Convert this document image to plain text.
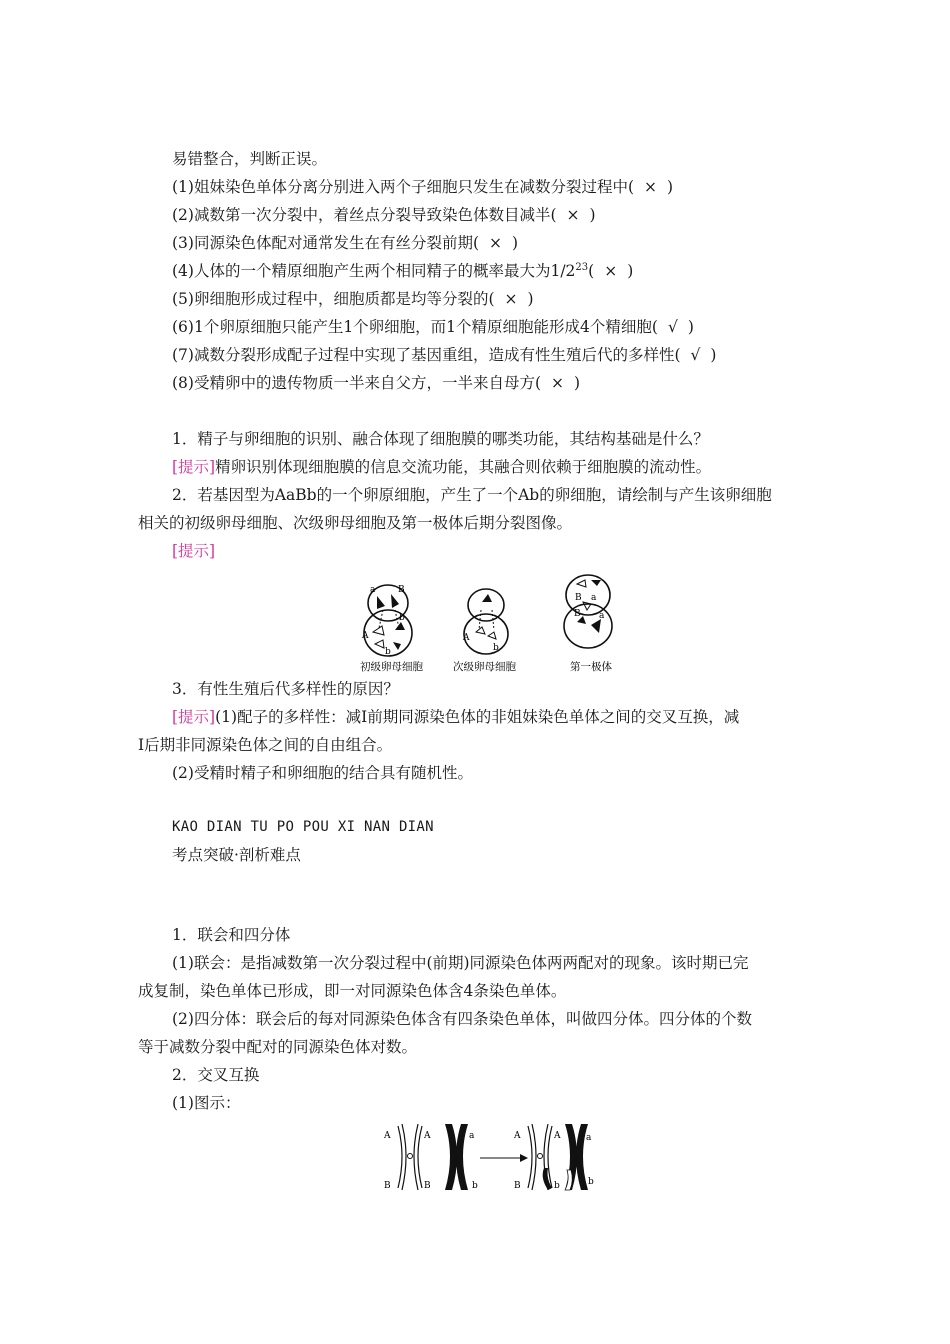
易错整合，判断正误。
(1)姐妹染色单体分离分别进入两个子细胞只发生在减数分裂过程中( × )
(2)减数第一次分裂中，着丝点分裂导致染色体数目减半( × )
(3)同源染色体配对通常发生在有丝分裂前期( × )
(4)人体的一个精原细胞产生两个相同精子的概率最大为$1/2^{23}$( × )
(5)卵细胞形成过程中，细胞质都是均等分裂的( × )
(6)1个卵原细胞只能产生1个卵细胞，而1个精原细胞能形成4个精细胞( √ )
(7)减数分裂形成配子过程中实现了基因重组，造成有性生殖后代的多样性( √ )
(8)受精卵中的遗传物质一半来自父方，一半来自母方( × )
1．精子与卵细胞的识别、融合体现了细胞膜的哪类功能，其结构基础是什么？
[提示]精卵识别体现细胞膜的信息交流功能，其融合则依赖于细胞膜的流动性。
2．若基因型为AaBb的一个卵原细胞，产生了一个Ab的卵细胞，请绘制与产生该卵细胞
相关的初级卵母细胞、次级卵母细胞及第一极体后期分裂图像。
[提示]
a	B
A
b
b
A
b
B a
B a
初级卵母细胞	次级卵母细胞	第一极体
3．有性生殖后代多样性的原因？
[提示](1)配子的多样性：减Ⅰ前期同源染色体的非姐妹染色单体之间的交叉互换，减
Ⅰ后期非同源染色体之间的自由组合。
(2)受精时精子和卵细胞的结合具有随机性。
KAO DIAN TU PO POU XI NAN DIAN
考点突破·剖析难点
1．联会和四分体
(1)联会：是指减数第一次分裂过程中(前期)同源染色体两两配对的现象。该时期已完
成复制，染色单体已形成，即一对同源染色体含4条染色单体。
(2)四分体：联会后的每对同源染色体含有四条染色单体，叫做四分体。四分体的个数
等于减数分裂中配对的同源染色体对数。
2．交叉互换
(1)图示：
A	A
B	B
a
b
A	A
B	b
a
b
